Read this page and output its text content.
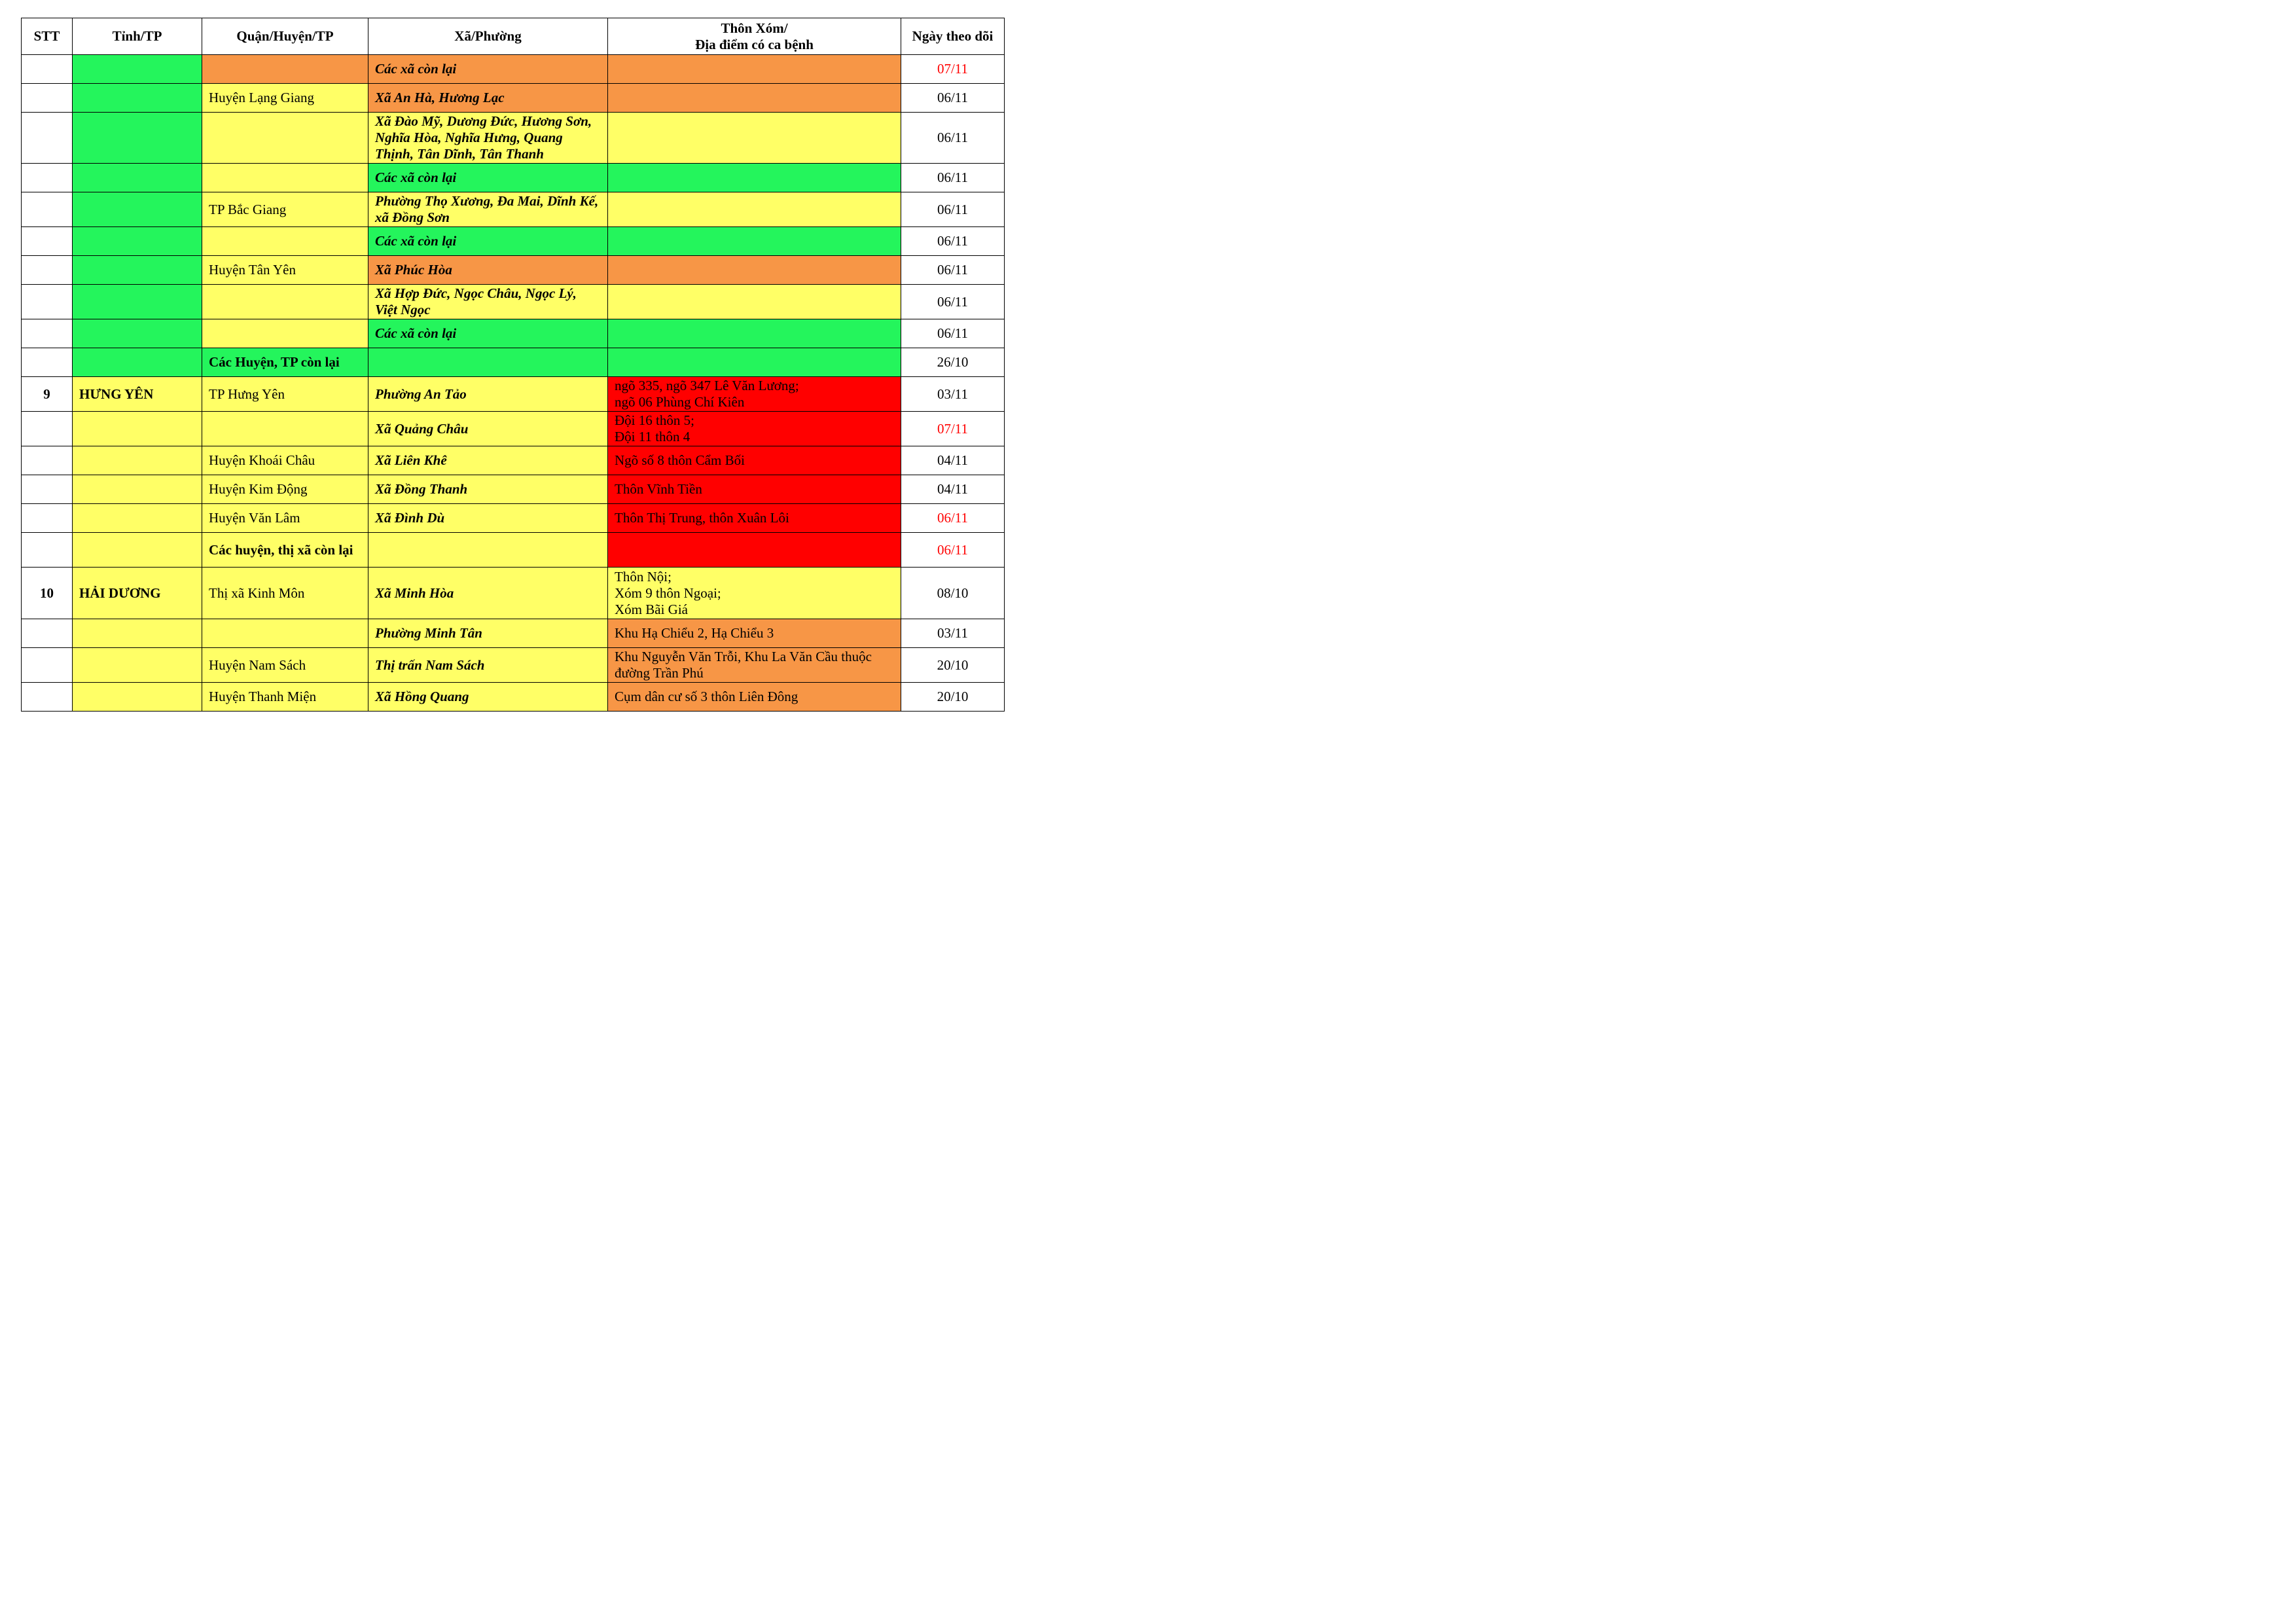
STT	Tỉnh/TP	Quận/Huyện/TP	Xã/Phường	Thôn Xóm/
Địa điểm có ca bệnh	Ngày theo dõi
			Các xã còn lại		07/11
		Huyện Lạng Giang	Xã An Hà, Hương Lạc		06/11
			Xã Đào Mỹ, Dương Đức, Hương Sơn, Nghĩa Hòa, Nghĩa Hưng, Quang Thịnh, Tân Dĩnh, Tân Thanh		06/11
			Các xã còn lại		06/11
		TP Bắc Giang	Phường Thọ Xương, Đa Mai, Dĩnh Kế, xã Đồng Sơn		06/11
			Các xã còn lại		06/11
		Huyện Tân Yên	Xã Phúc Hòa		06/11
			Xã Hợp Đức, Ngọc Châu, Ngọc Lý, Việt Ngọc		06/11
			Các xã còn lại		06/11
		Các Huyện, TP còn lại			26/10
9	HƯNG YÊN	TP Hưng Yên	Phường An Tảo	ngõ 335, ngõ 347 Lê Văn Lương;
ngõ 06 Phùng Chí Kiên	03/11
			Xã Quảng Châu	Đội 16 thôn 5;
Đội 11 thôn 4	07/11
		Huyện Khoái Châu	Xã Liên Khê	Ngõ số 8 thôn Cẩm Bối	04/11
		Huyện Kim Động	Xã Đồng Thanh	Thôn Vĩnh Tiền	04/11
		Huyện Văn Lâm	Xã Đình Dù	Thôn Thị Trung, thôn Xuân Lôi	06/11
		Các huyện, thị xã còn lại			06/11
10	HẢI DƯƠNG	Thị xã Kinh Môn	Xã Minh Hòa	Thôn Nội;
Xóm 9 thôn Ngoại;
Xóm Bãi Giá	08/10
			Phường Minh Tân	Khu Hạ Chiểu 2, Hạ Chiểu 3	03/11
		Huyện Nam Sách	Thị trấn Nam Sách	Khu Nguyễn Văn Trỗi, Khu La Văn Cầu thuộc đường Trần Phú	20/10
		Huyện Thanh Miện	Xã Hồng Quang	Cụm dân cư số 3 thôn Liên Đông	20/10
